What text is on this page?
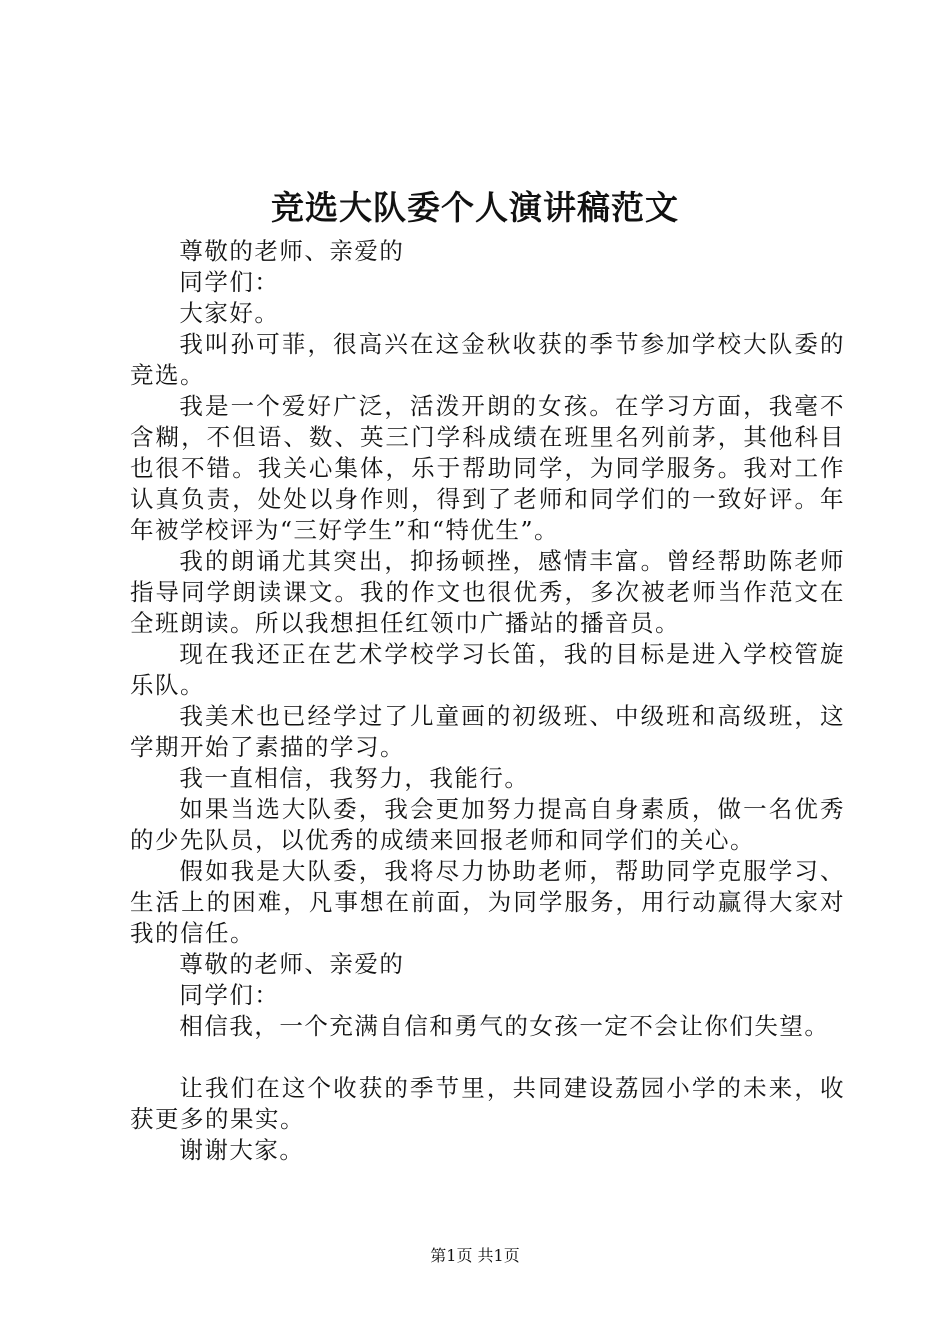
竞选大队委个人演讲稿范文

尊敬的老师、亲爱的

同学们：

大家好。

我叫孙可菲，很高兴在这金秋收获的季节参加学校大队委的竞选。

我是一个爱好广泛，活泼开朗的女孩。在学习方面，我毫不含糊，不但语、数、英三门学科成绩在班里名列前茅，其他科目也很不错。我关心集体，乐于帮助同学，为同学服务。我对工作认真负责，处处以身作则，得到了老师和同学们的一致好评。年年被学校评为“三好学生”和“特优生”。

我的朗诵尤其突出，抑扬顿挫，感情丰富。曾经帮助陈老师指导同学朗读课文。我的作文也很优秀，多次被老师当作范文在全班朗读。所以我想担任红领巾广播站的播音员。

现在我还正在艺术学校学习长笛，我的目标是进入学校管旋乐队。

我美术也已经学过了儿童画的初级班、中级班和高级班，这学期开始了素描的学习。

我一直相信，我努力，我能行。

如果当选大队委，我会更加努力提高自身素质，做一名优秀的少先队员，以优秀的成绩来回报老师和同学们的关心。

假如我是大队委，我将尽力协助老师，帮助同学克服学习、生活上的困难，凡事想在前面，为同学服务，用行动赢得大家对我的信任。

尊敬的老师、亲爱的

同学们：

相信我，一个充满自信和勇气的女孩一定不会让你们失望。

让我们在这个收获的季节里，共同建设荔园小学的未来，收获更多的果实。

谢谢大家。

第1页 共1页
